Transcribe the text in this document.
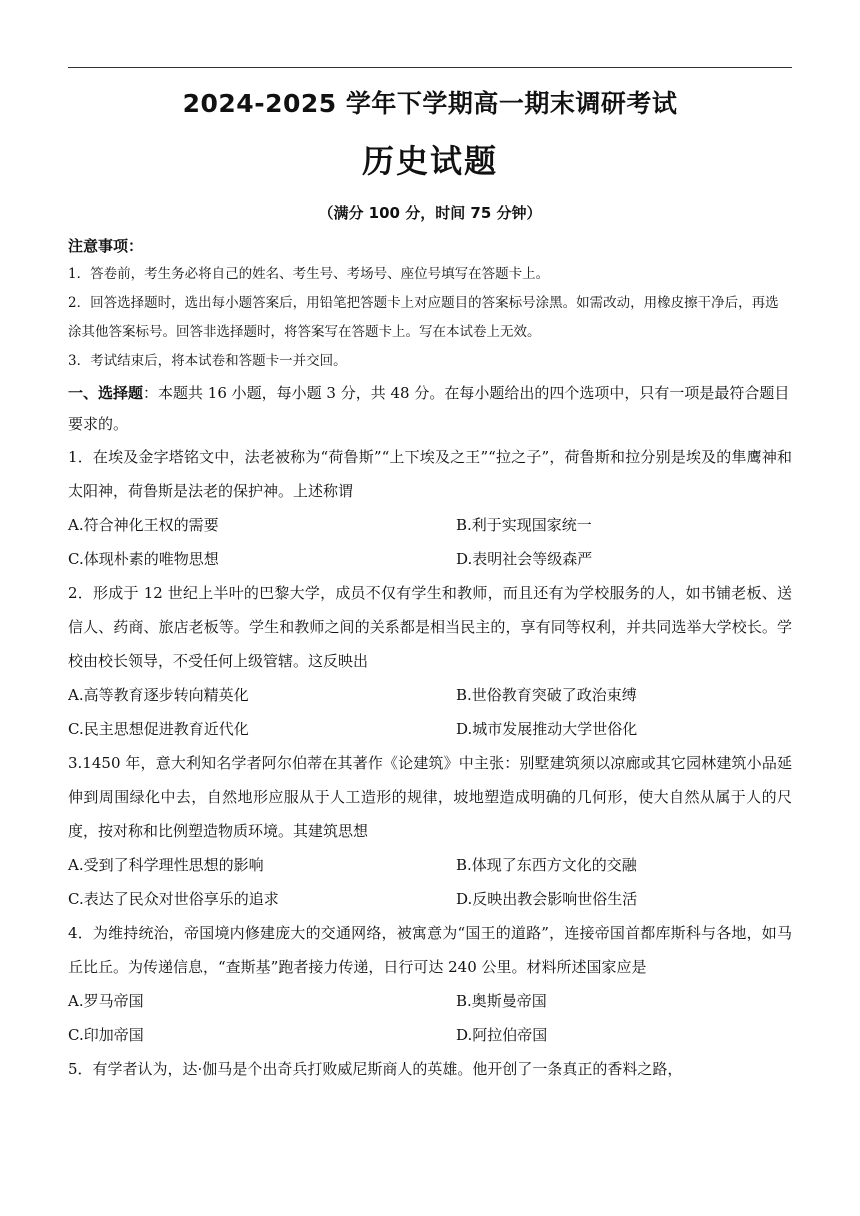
2024-2025 学年下学期高一期末调研考试
历史试题
（满分 100 分，时间 75 分钟）
注意事项：
1．答卷前，考生务必将自己的姓名、考生号、考场号、座位号填写在答题卡上。
2．回答选择题时，选出每小题答案后，用铅笔把答题卡上对应题目的答案标号涂黑。如需改动，用橡皮擦干净后，再选涂其他答案标号。回答非选择题时，将答案写在答题卡上。写在本试卷上无效。
3．考试结束后，将本试卷和答题卡一并交回。
一、选择题：本题共 16 小题，每小题 3 分，共 48 分。在每小题给出的四个选项中，只有一项是最符合题目要求的。
1．在埃及金字塔铭文中，法老被称为“荷鲁斯”“上下埃及之王”“拉之子”，荷鲁斯和拉分别是埃及的隼鹰神和太阳神，荷鲁斯是法老的保护神。上述称谓
A.符合神化王权的需要	B.利于实现国家统一
C.体现朴素的唯物思想	D.表明社会等级森严
2．形成于 12 世纪上半叶的巴黎大学，成员不仅有学生和教师，而且还有为学校服务的人，如书铺老板、送信人、药商、旅店老板等。学生和教师之间的关系都是相当民主的，享有同等权利，并共同选举大学校长。学校由校长领导，不受任何上级管辖。这反映出
A.高等教育逐步转向精英化	B.世俗教育突破了政治束缚
C.民主思想促进教育近代化	D.城市发展推动大学世俗化
3.1450 年，意大利知名学者阿尔伯蒂在其著作《论建筑》中主张：别墅建筑须以凉廊或其它园林建筑小品延伸到周围绿化中去，自然地形应服从于人工造形的规律，坡地塑造成明确的几何形，使大自然从属于人的尺度，按对称和比例塑造物质环境。其建筑思想
A.受到了科学理性思想的影响	B.体现了东西方文化的交融
C.表达了民众对世俗享乐的追求	D.反映出教会影响世俗生活
4．为维持统治，帝国境内修建庞大的交通网络，被寓意为“国王的道路”，连接帝国首都库斯科与各地，如马丘比丘。为传递信息，“查斯基”跑者接力传递，日行可达 240 公里。材料所述国家应是
A.罗马帝国	B.奥斯曼帝国
C.印加帝国	D.阿拉伯帝国
5．有学者认为，达·伽马是个出奇兵打败威尼斯商人的英雄。他开创了一条真正的香料之路，
